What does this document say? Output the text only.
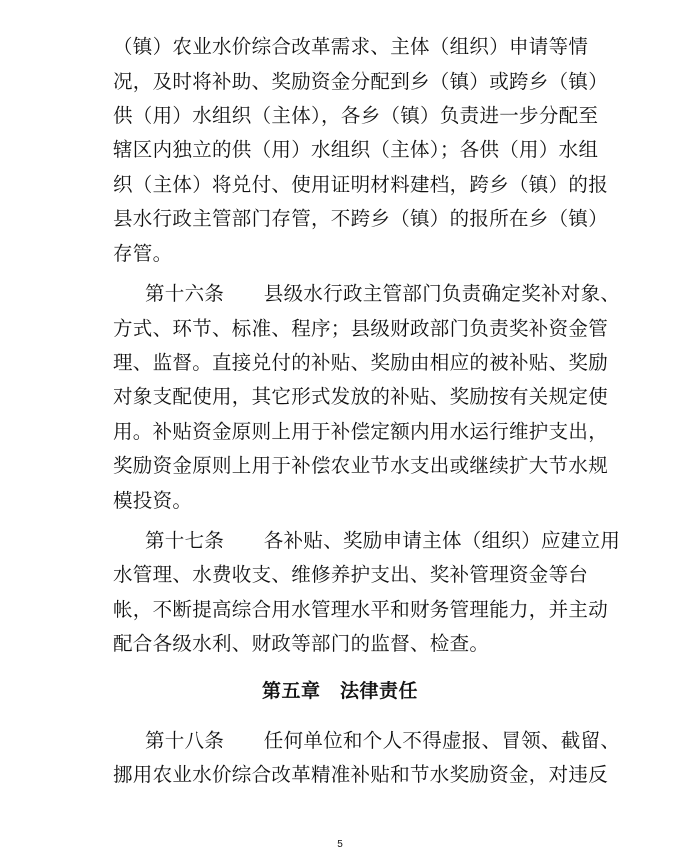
（镇）农业水价综合改革需求、主体（组织）申请等情
况，及时将补助、奖励资金分配到乡（镇）或跨乡（镇）
供（用）水组织（主体），各乡（镇）负责进一步分配至
辖区内独立的供（用）水组织（主体）；各供（用）水组
织（主体）将兑付、使用证明材料建档，跨乡（镇）的报
县水行政主管部门存管，不跨乡（镇）的报所在乡（镇）
存管。
第十六条　　县级水行政主管部门负责确定奖补对象、
方式、环节、标准、程序；县级财政部门负责奖补资金管
理、监督。直接兑付的补贴、奖励由相应的被补贴、奖励
对象支配使用，其它形式发放的补贴、奖励按有关规定使
用。补贴资金原则上用于补偿定额内用水运行维护支出，
奖励资金原则上用于补偿农业节水支出或继续扩大节水规
模投资。
第十七条　　各补贴、奖励申请主体（组织）应建立用
水管理、水费收支、维修养护支出、奖补管理资金等台
帐，不断提高综合用水管理水平和财务管理能力，并主动
配合各级水利、财政等部门的监督、检查。
第五章　法律责任
第十八条　　任何单位和个人不得虚报、冒领、截留、
挪用农业水价综合改革精准补贴和节水奖励资金，对违反
5
